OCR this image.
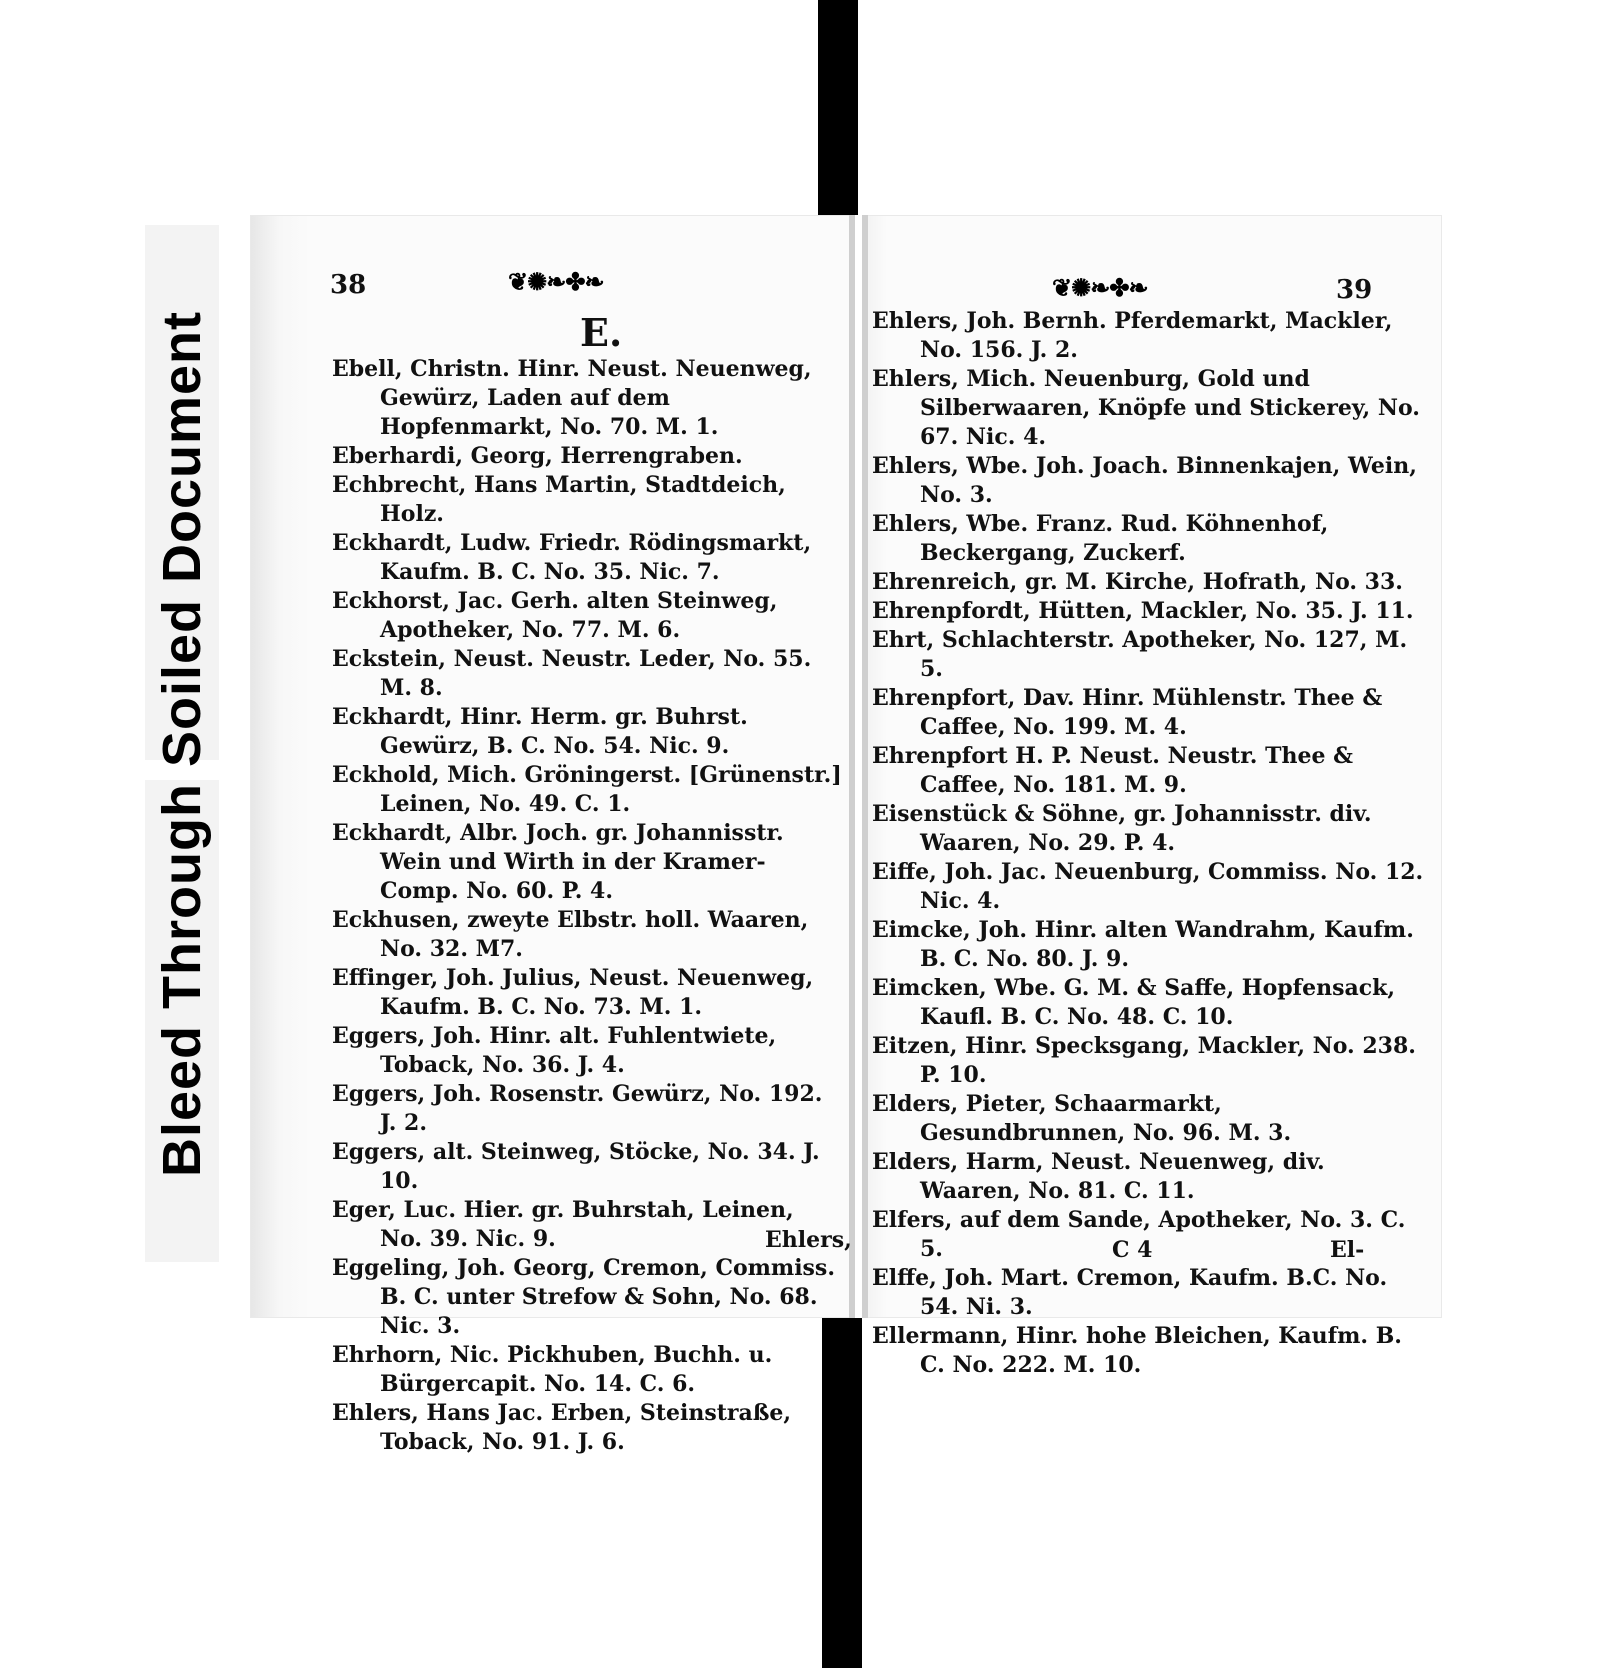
Bleed Through Soiled Document
38	❦✺❧✤❧
E.

Ebell, Christn. Hinr. Neust. Neuenweg, Gewürz, Laden auf dem Hopfenmarkt, No. 70. M. 1.

Eberhardi, Georg, Herrengraben.

Echbrecht, Hans Martin, Stadtdeich, Holz.

Eckhardt, Ludw. Friedr. Rödingsmarkt, Kaufm. B. C. No. 35. Nic. 7.

Eckhorst, Jac. Gerh. alten Steinweg, Apotheker, No. 77. M. 6.

Eckstein, Neust. Neustr. Leder, No. 55. M. 8.

Eckhardt, Hinr. Herm. gr. Buhrst. Gewürz, B. C. No. 54. Nic. 9.

Eckhold, Mich. Gröningerst. [Grünenstr.] Leinen, No. 49. C. 1.

Eckhardt, Albr. Joch. gr. Johannisstr. Wein und Wirth in der Kramer-Comp. No. 60. P. 4.

Eckhusen, zweyte Elbstr. holl. Waaren, No. 32. M7.

Effinger, Joh. Julius, Neust. Neuenweg, Kaufm. B. C. No. 73. M. 1.

Eggers, Joh. Hinr. alt. Fuhlentwiete, Toback, No. 36. J. 4.

Eggers, Joh. Rosenstr. Gewürz, No. 192. J. 2.

Eggers, alt. Steinweg, Stöcke, No. 34. J. 10.

Eger, Luc. Hier. gr. Buhrstah, Leinen, No. 39. Nic. 9.

Eggeling, Joh. Georg, Cremon, Commiss. B. C. unter Strefow & Sohn, No. 68. Nic. 3.

Ehrhorn, Nic. Pickhuben, Buchh. u. Bürgercapit. No. 14. C. 6.

Ehlers, Hans Jac. Erben, Steinstraße, Toback, No. 91. J. 6.

Ehlers,
❦✺❧✤❧	39

Ehlers, Joh. Bernh. Pferdemarkt, Mackler, No. 156. J. 2.

Ehlers, Mich. Neuenburg, Gold und Silberwaaren, Knöpfe und Stickerey, No. 67. Nic. 4.

Ehlers, Wbe. Joh. Joach. Binnenkajen, Wein, No. 3.

Ehlers, Wbe. Franz. Rud. Köhnenhof, Beckergang, Zuckerf.

Ehrenreich, gr. M. Kirche, Hofrath, No. 33.

Ehrenpfordt, Hütten, Mackler, No. 35. J. 11.

Ehrt, Schlachterstr. Apotheker, No. 127, M. 5.

Ehrenpfort, Dav. Hinr. Mühlenstr. Thee & Caffee, No. 199. M. 4.

Ehrenpfort H. P. Neust. Neustr. Thee & Caffee, No. 181. M. 9.

Eisenstück & Söhne, gr. Johannisstr. div. Waaren, No. 29. P. 4.

Eiffe, Joh. Jac. Neuenburg, Commiss. No. 12. Nic. 4.

Eimcke, Joh. Hinr. alten Wandrahm, Kaufm. B. C. No. 80. J. 9.

Eimcken, Wbe. G. M. & Saffe, Hopfensack, Kaufl. B. C. No. 48. C. 10.

Eitzen, Hinr. Specksgang, Mackler, No. 238. P. 10.

Elders, Pieter, Schaarmarkt, Gesundbrunnen, No. 96. M. 3.

Elders, Harm, Neust. Neuenweg, div. Waaren, No. 81. C. 11.

Elfers, auf dem Sande, Apotheker, No. 3. C. 5.

Elffe, Joh. Mart. Cremon, Kaufm. B.C. No. 54. Ni. 3.

Ellermann, Hinr. hohe Bleichen, Kaufm. B. C. No. 222. M. 10.

C 4	El-
